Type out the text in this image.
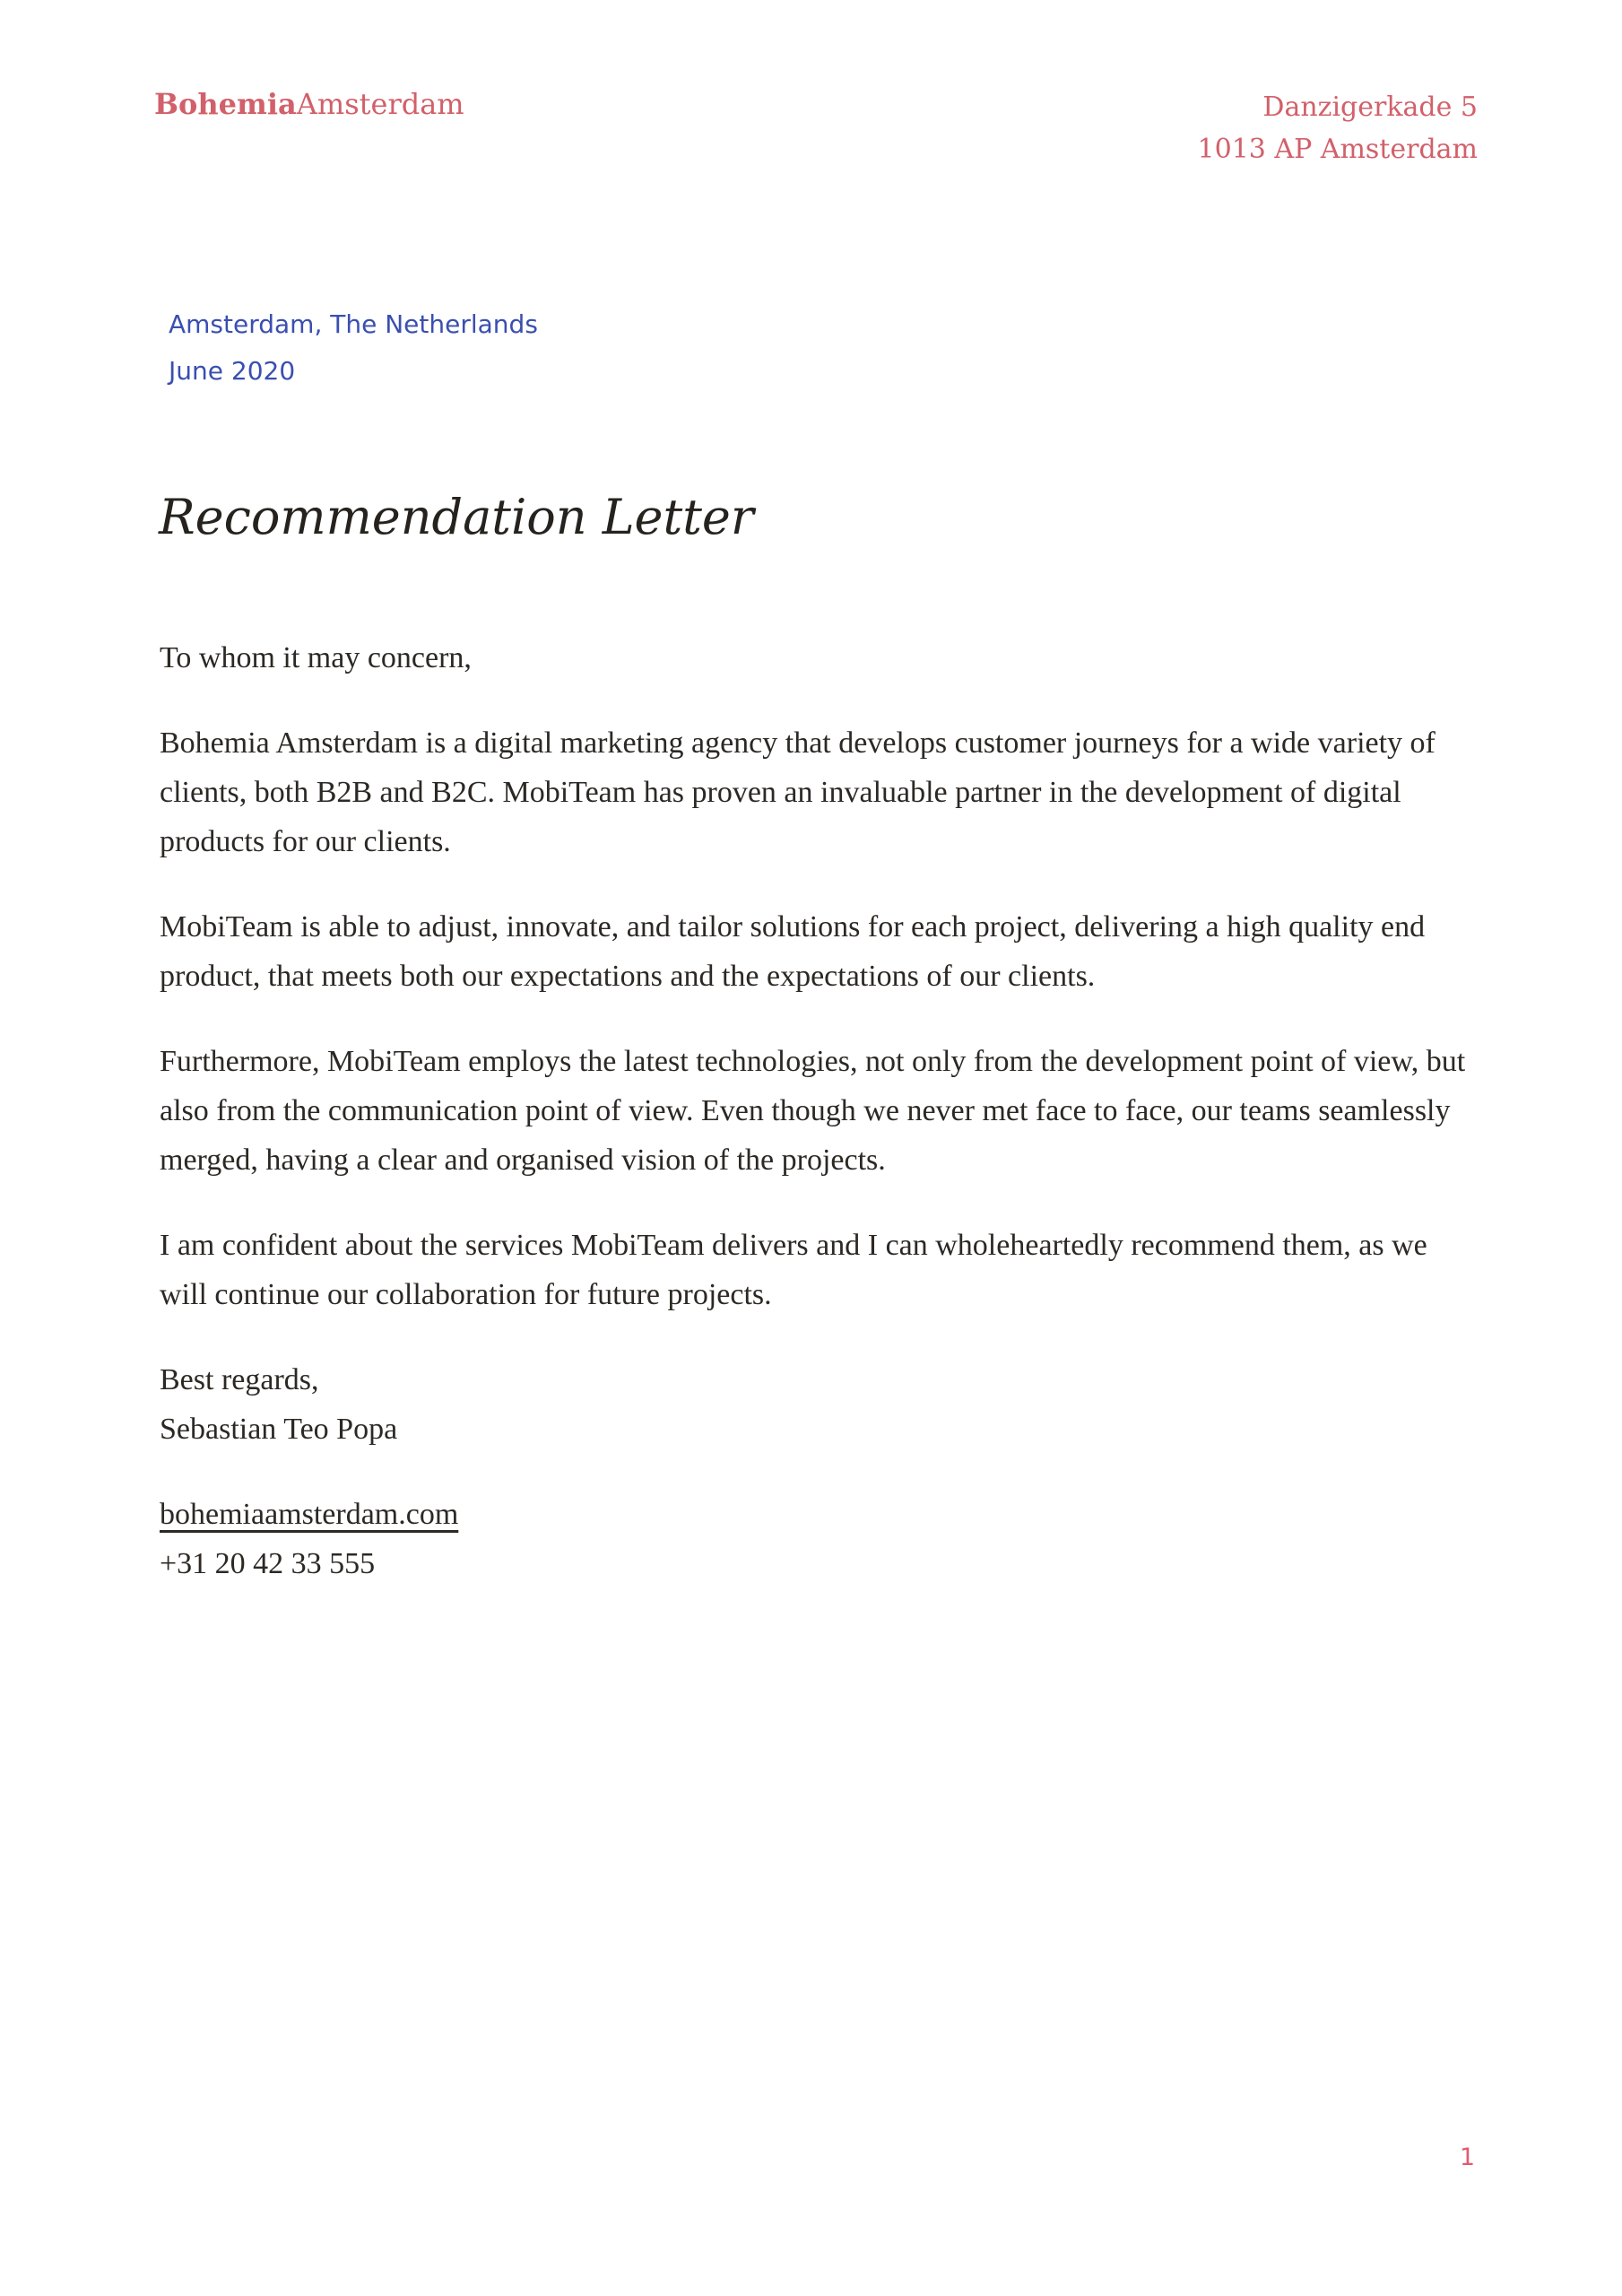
BohemiaAmsterdam	Danzigerkade 5
1013 AP Amsterdam
Amsterdam, The Netherlands
June 2020
Recommendation Letter

To whom it may concern,

Bohemia Amsterdam is a digital marketing agency that develops customer journeys for a wide variety of clients, both B2B and B2C. MobiTeam has proven an invaluable partner in the development of digital products for our clients.

MobiTeam is able to adjust, innovate, and tailor solutions for each project, delivering a high quality end product, that meets both our expectations and the expectations of our clients.

Furthermore, MobiTeam employs the latest technologies, not only from the development point of view, but also from the communication point of view. Even though we never met face to face, our teams seamlessly merged, having a clear and organised vision of the projects.

I am confident about the services MobiTeam delivers and I can wholeheartedly recommend them, as we will continue our collaboration for future projects.

Best regards,

Sebastian Teo Popa

bohemiaamsterdam.com

+31 20 42 33 555

1
